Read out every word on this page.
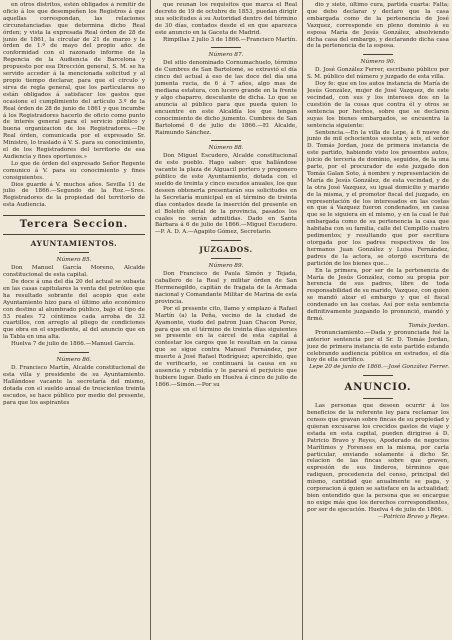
en otros distritos, estén obligados á remitir de oficio á los que desempeñen los Registros á que aquellas correspondan, las relaciones circunstanciadas que determina dicho Real órden; y vista la expresada Real órden de 28 de junio de 1861, la circular de 21 de marzo y la órden de 1.º de mayo del propio año: de conformidad con el razonado informe de la Regencia de la Audiencia de Barcelona y propuesto por esa Dirección general, S. M. se ha servido acceder á la mencionada solicitud y al propio tiempo declarar, para que el circulo y sirva de regla general, que los particulares no están obligados á satisfacer los gastos que ocasione el cumplimiento del artículo 3.º de la Real órden de 28 de junio de 1861 y que incumbe á los Registradores hacerlo de oficio como punto de interés general para el servicio público y buena organizacion de los Registradores.—De Real órden, comunicada por el expresado Sr. Ministro, lo traslado á V. S. para su conocimiento, el de los Registradores del territorio de esa Audiencia y fines oportunos.»

Lo que de órden del expresado Señor Regente comunico á V. para su conocimiento y fines consiguientes.

Dios guarde á V. muchos años. Sevilla 11 de julio de 1866.—Segundo de la Roz.—Sres. Registradores de la propiedad del territorio de esta Audiencia.

Tercera Seccion.
AYUNTAMIENTOS.

Número 85.

Don Manuel García Moreno, Alcalde constitucional de esta capital.

De doce á una del día 20 del actual se subasta en las casas capitulares la venta del petróleo que ha resultado sobrante del acopio que este Ayuntamiento hizo para el último año económico con destino al alumbrado público, bajo el tipo de 53 reales 72 céntimos cada arroba de 32 cuartillos, con arreglo al pliego de condiciones que obra en el expediente, al del anuncio que en la Tabla en una alta.

Huelva 7 de julio de 1866.—Manuel García.

Número 86.

D. Francisco Martín, Alcalde constitucional de esta villa y presidente de su Ayuntamiento. Hallándose vacante la secretaría del mismo, dotada con el sueldo anual de trescientos treinta escudos, se hace público por medio del presente, para que los aspirantes

que reunan los requisitos que marca el Real decreto de 19 de octubre de 1853, puedan dirigir sus solicitudes á su Autoridad dentro del término de 30 días, contados desde el en que aparezca este anuncio en la Gaceta de Madrid.

Rimpillas 2 julio 3 de 1866.—Francisco Martín.

Número 87.

Del sitio denominado Cornumachuelo, término de Cumbres de San Bartolomé, se extravió el día cinco del actual á eso de las doce del día una jumenta rucia, de 6 á 7 años, algo mas de mediana estatura, con lucero grande en la frente y algo chaparro, desculante de dicha. Lo que se anuncia al público para que pueda quien lo encuentre en este Alcaldía los que tengan conocimiento de dicho jumento. Cumbres de San Bartolomé 6 de julio de 1866.—El Alcalde, Raimundo Sánchez.

Número 88.

Don Miguel Escudero, Alcalde constitucional de este pueblo. Hago saber: que hallándose vacante la plaza de Alguacil portero y pregonero público de este Ayuntamiento, dotada con el sueldo de treinta y cinco escudos anuales, los que deseen obtenerla presentarán sus solicitudes en la Secretaría municipal en el término de treinta días contados desde la inserción del presente en el Boletín oficial de la provincia, pasados los cuales no serán admitidas. Dado en Santa Bárbara á 6 de julio de 1866.—Miguel Escudero.—P. A. D. A.—Agapito Gómez, Secretario.

JUZGADOS.

Número 89.

Don Francisco de Paula Simón y Tejada, caballero de la Real y militar órden de San Hermenegildo, capitán de fragata de la Armada nacional y Comandante Militar de Marina de esta provincia.

Por el presente cito, llamo y emplazo á Rafael Martín (a) la Peña, vecino de la ciudad de Ayamonte, viudo del patron Juan Chacon Perez, para que en el término de treinta días siguientes se presente en la cárcel de esta capital á contestar los cargos que le resultan en la causa que se sigue contra Manuel Fernández, por muerte á José Rafael Rodríguez; apercibido, que de verificarlo, se continuará la causa en su ausencia y rebeldía y le parará el perjuicio que hubiere lugar. Dado en Huelva á cinco de julio de 1866.—Simón.—Por su

dio y sieté, último cura, partida cuarta: Falta; que debo declarar y declaro que la casa embargada como de la pertenencia de José Vazquez, corresponde en pleno dominio á su esposa María de Jesús González, absolviendo dicha casa del embargo, y declarando dicha casa de la pertenencia de la esposa.

Número 90.

D. José González Ferrer, escribano público por S. M. público del número y juzgado de esta villa.

Doy fe: que en los autos instancia de María de Jesús González, mujer de José Vazquez, de este vecindad, con sus y los intereses dos en la cuestión de la cosas que contra él y otros se sentencia por hechos, sobre que se declaren suyas los bienes embargados, se encuentra la sentencia siguiente:

Sentencia.—En la villa de Lepe, á 6 nueve de junio de mil ochocientos sesenta y seis, el señor D. Tomás Jordan, juez de primera instancia de este partido, habiendo visto los presentes autos, juicio de tercería de dominio, seguidos, de la una parte, por el procurador de este juzgado don Tomás Galan Soto, á nombre y representación de María de Jesús González, de esta vecindad, y de la otra José Vazquez, su igual domicilio y marido de la misma, y el promotor fiscal del juzgado, en representación de los interesados en las costas en que á Vazquez fueron condenados, en causa que se le siguiera en el mismo, y en la cual le fué embargada como de su pertenencia la casa que habitaba con su familia, calle del Cempillo cuatro pedimentos; y resultando que por escritura otorgada por los padres respectivos de los hermanos Juan González y Luisa Fernández, padres de la actora, se otorgó escritura de partición de los bienes que...

En la primera, por ser de la pertenencia de María de Jesús González, como su propia por herencia de sus padres, libre de toda responsabilidad de su marido, Vazquez, con quien se mandó alzar el embargo y que el fiscal condenado en las costas. Así por esta sentencia definitivamente juzgando lo pronunció, mandó y firmó.

Tomás Jordan.

Pronunciamiento.—Dada y pronunciada fué la anterior sentencia por el Sr. D. Tomás Jordan, juez de primera instancia de este partido estando celebrando audiencia pública en estrados, el día hoy de ella certifico.

Lepe 20 de junio de 1866.—José González Ferrer.

ANUNCIO.

Las personas que deseen ocurrir á los beneficios de la referente ley para reclamar los censos que gravan sobre fincas de su propiedad y quieran excusarse los crecidos gastos de viaje y estada en esta capital, pueden dirigirse á D. Patricio Bravo y Reyes, Apoderado de negocios Marítimos y Forenses en la misma, por carta particular, enviando solamente á dicho Sr. relacion de las fincas sobre que graven, expresión de sus linderos, términos que radiquen, procedencia del censo, principal del mismo, cantidad que anualmente se paga, y corporacion á quien se satisface en la actualidad; bien entendido que la persona que se encargue no exige más que los derechos correspondientes, por ser de ejecución. Huelva 4 de julio de 1866.

—Patricio Bravo y Reyes.
